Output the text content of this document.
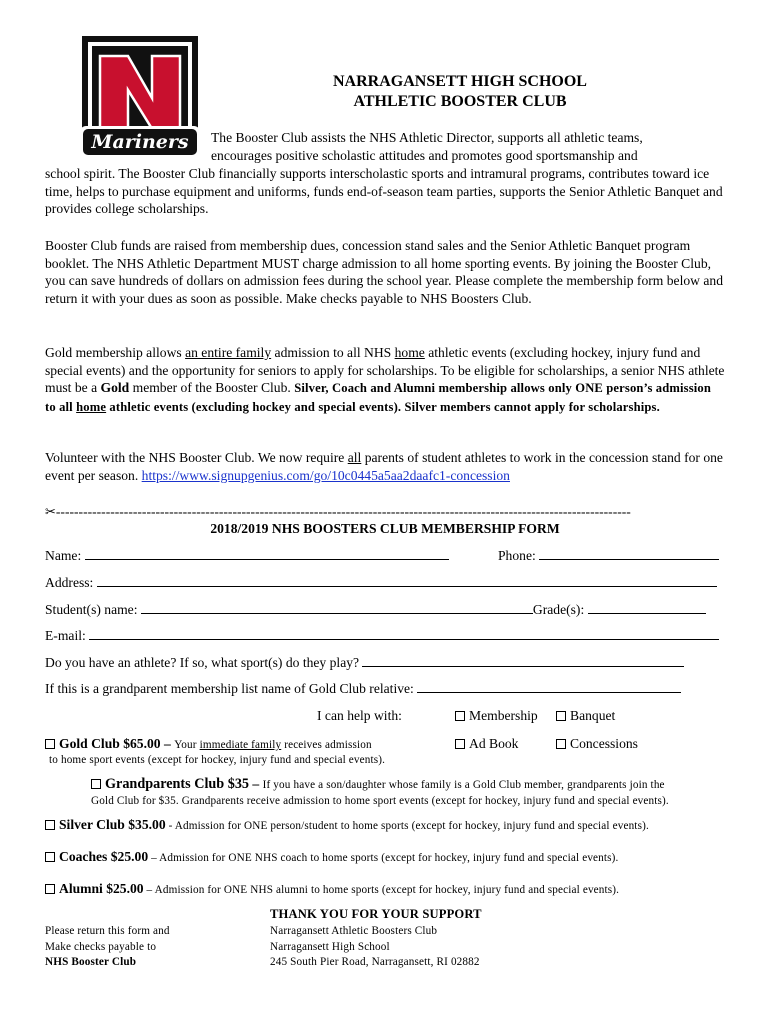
Mariners
NARRAGANSETT HIGH SCHOOL
ATHLETIC BOOSTER CLUB
The Booster Club assists the NHS Athletic Director, supports all athletic teams,
encourages positive scholastic attitudes and promotes good sportsmanship and
school spirit. The Booster Club financially supports interscholastic sports and intramural programs, contributes toward ice time, helps to purchase equipment and uniforms, funds end-of-season team parties, supports the Senior Athletic Banquet and provides college scholarships.
Booster Club funds are raised from membership dues, concession stand sales and the Senior Athletic Banquet program booklet. The NHS Athletic Department MUST charge admission to all home sporting events. By joining the Booster Club, you can save hundreds of dollars on admission fees during the school year. Please complete the membership form below and return it with your dues as soon as possible. Make checks payable to NHS Boosters Club.
Gold membership allows an entire family admission to all NHS home athletic events (excluding hockey, injury fund and special events) and the opportunity for seniors to apply for scholarships. To be eligible for scholarships, a senior NHS athlete must be a Gold member of the Booster Club. Silver, Coach and Alumni membership allows only ONE person’s admission to all home athletic events (excluding hockey and special events). Silver members cannot apply for scholarships.
Volunteer with the NHS Booster Club. We now require all parents of student athletes to work in the concession stand for one event per season. https://www.signupgenius.com/go/10c0445a5aa2daafc1-concession
✂-------------------------------------------------------------------------------------------------------------------------------
2018/2019 NHS BOOSTERS CLUB MEMBERSHIP FORM
Name:	Phone:
Address:
Student(s) name:	Grade(s):
E-mail:
Do you have an athlete? If so, what sport(s) do they play?
If this is a grandparent membership list name of Gold Club relative:
I can help with:	Membership	Banquet
Ad Book	Concessions
Gold Club $65.00 – Your immediate family receives admission
to home sport events (except for hockey, injury fund and special events).
Grandparents Club $35 – If you have a son/daughter whose family is a Gold Club member, grandparents join the
Gold Club for $35. Grandparents receive admission to home sport events (except for hockey, injury fund and special events).
Silver Club $35.00 - Admission for ONE person/student to home sports (except for hockey, injury fund and special events).
Coaches $25.00 – Admission for ONE NHS coach to home sports (except for hockey, injury fund and special events).
Alumni $25.00 – Admission for ONE NHS alumni to home sports (except for hockey, injury fund and special events).
THANK YOU FOR YOUR SUPPORT
Please return this form and
Make checks payable to
NHS Booster Club
Narragansett Athletic Boosters Club
Narragansett High School
245 South Pier Road, Narragansett, RI 02882
